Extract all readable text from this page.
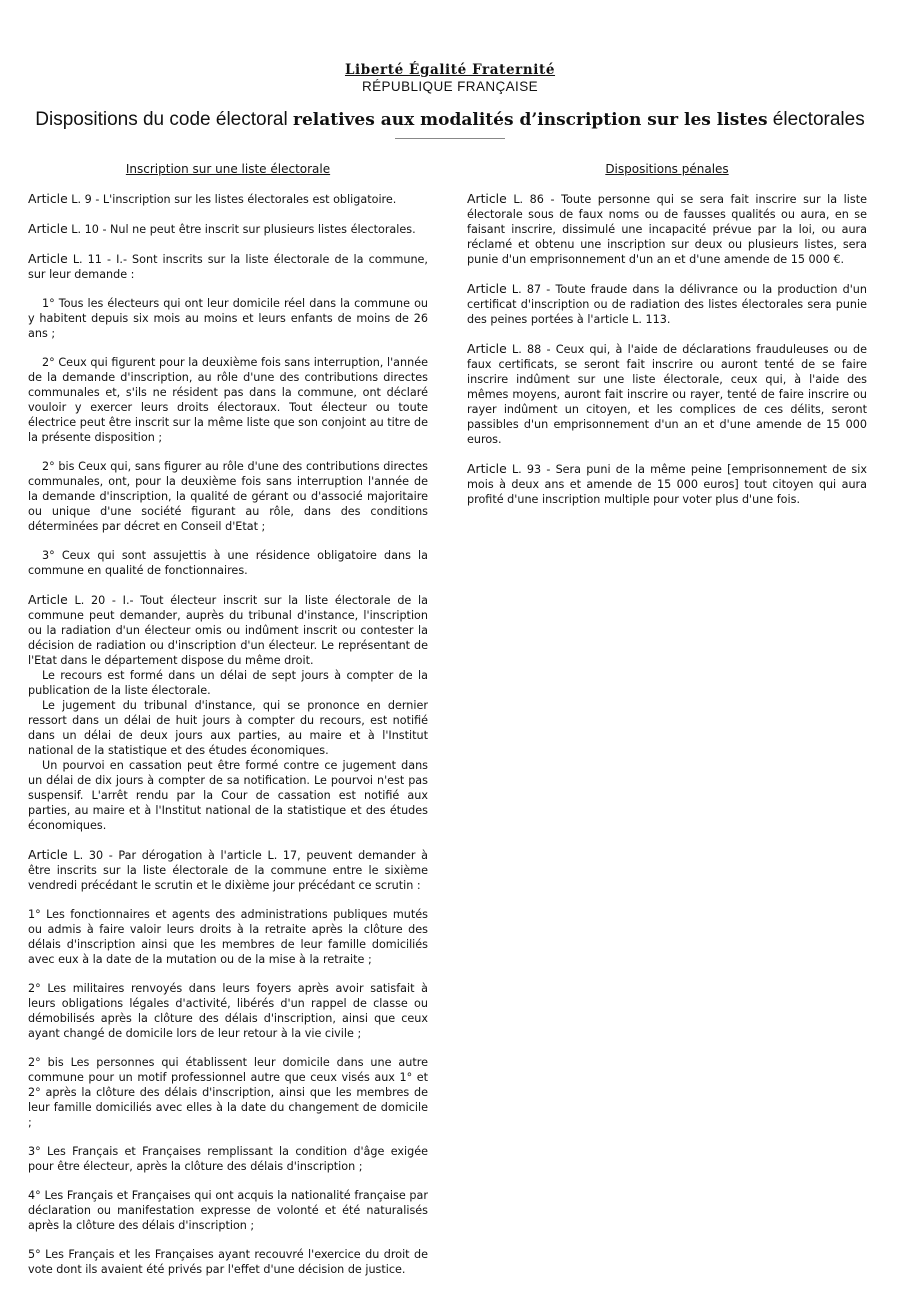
Liberté Égalité Fraternité
RÉPUBLIQUE FRANÇAISE
Dispositions du code électoral relatives aux modalités d’inscription sur les listes électorales
Inscription sur une liste électorale

Article L. 9 - L'inscription sur les listes électorales est obligatoire.

Article L. 10 - Nul ne peut être inscrit sur plusieurs listes électorales.

Article L. 11 - I.- Sont inscrits sur la liste électorale de la commune, sur leur demande :

1° Tous les électeurs qui ont leur domicile réel dans la commune ou y habitent depuis six mois au moins et leurs enfants de moins de 26 ans ;

2° Ceux qui figurent pour la deuxième fois sans interruption, l'année de la demande d'inscription, au rôle d'une des contributions directes communales et, s'ils ne résident pas dans la commune, ont déclaré vouloir y exercer leurs droits électoraux. Tout électeur ou toute électrice peut être inscrit sur la même liste que son conjoint au titre de la présente disposition ;

2° bis Ceux qui, sans figurer au rôle d'une des contributions directes communales, ont, pour la deuxième fois sans interruption l'année de la demande d'inscription, la qualité de gérant ou d'associé majoritaire ou unique d'une société figurant au rôle, dans des conditions déterminées par décret en Conseil d'Etat ;

3° Ceux qui sont assujettis à une résidence obligatoire dans la commune en qualité de fonctionnaires.

Article L. 20 - I.- Tout électeur inscrit sur la liste électorale de la commune peut demander, auprès du tribunal d'instance, l'inscription ou la radiation d'un électeur omis ou indûment inscrit ou contester la décision de radiation ou d'inscription d'un électeur. Le représentant de l'Etat dans le département dispose du même droit.

Le recours est formé dans un délai de sept jours à compter de la publication de la liste électorale.

Le jugement du tribunal d'instance, qui se prononce en dernier ressort dans un délai de huit jours à compter du recours, est notifié dans un délai de deux jours aux parties, au maire et à l'Institut national de la statistique et des études économiques.

Un pourvoi en cassation peut être formé contre ce jugement dans un délai de dix jours à compter de sa notification. Le pourvoi n'est pas suspensif. L'arrêt rendu par la Cour de cassation est notifié aux parties, au maire et à l'Institut national de la statistique et des études économiques.

Article L. 30 - Par dérogation à l'article L. 17, peuvent demander à être inscrits sur la liste électorale de la commune entre le sixième vendredi précédant le scrutin et le dixième jour précédant ce scrutin :

1° Les fonctionnaires et agents des administrations publiques mutés ou admis à faire valoir leurs droits à la retraite après la clôture des délais d'inscription ainsi que les membres de leur famille domiciliés avec eux à la date de la mutation ou de la mise à la retraite ;

2° Les militaires renvoyés dans leurs foyers après avoir satisfait à leurs obligations légales d'activité, libérés d'un rappel de classe ou démobilisés après la clôture des délais d'inscription, ainsi que ceux ayant changé de domicile lors de leur retour à la vie civile ;

2° bis Les personnes qui établissent leur domicile dans une autre commune pour un motif professionnel autre que ceux visés aux 1° et 2° après la clôture des délais d'inscription, ainsi que les membres de leur famille domiciliés avec elles à la date du changement de domicile ;

3° Les Français et Françaises remplissant la condition d'âge exigée pour être électeur, après la clôture des délais d'inscription ;

4° Les Français et Françaises qui ont acquis la nationalité française par déclaration ou manifestation expresse de volonté et été naturalisés après la clôture des délais d'inscription ;

5° Les Français et les Françaises ayant recouvré l'exercice du droit de vote dont ils avaient été privés par l'effet d'une décision de justice.

Dispositions pénales

Article L. 86 - Toute personne qui se sera fait inscrire sur la liste électorale sous de faux noms ou de fausses qualités ou aura, en se faisant inscrire, dissimulé une incapacité prévue par la loi, ou aura réclamé et obtenu une inscription sur deux ou plusieurs listes, sera punie d'un emprisonnement d'un an et d'une amende de 15 000 €.

Article L. 87 - Toute fraude dans la délivrance ou la production d'un certificat d'inscription ou de radiation des listes électorales sera punie des peines portées à l'article L. 113.

Article L. 88 - Ceux qui, à l'aide de déclarations frauduleuses ou de faux certificats, se seront fait inscrire ou auront tenté de se faire inscrire indûment sur une liste électorale, ceux qui, à l'aide des mêmes moyens, auront fait inscrire ou rayer, tenté de faire inscrire ou rayer indûment un citoyen, et les complices de ces délits, seront passibles d'un emprisonnement d'un an et d'une amende de 15 000 euros.

Article L. 93 - Sera puni de la même peine [emprisonnement de six mois à deux ans et amende de 15 000 euros] tout citoyen qui aura profité d'une inscription multiple pour voter plus d'une fois.
